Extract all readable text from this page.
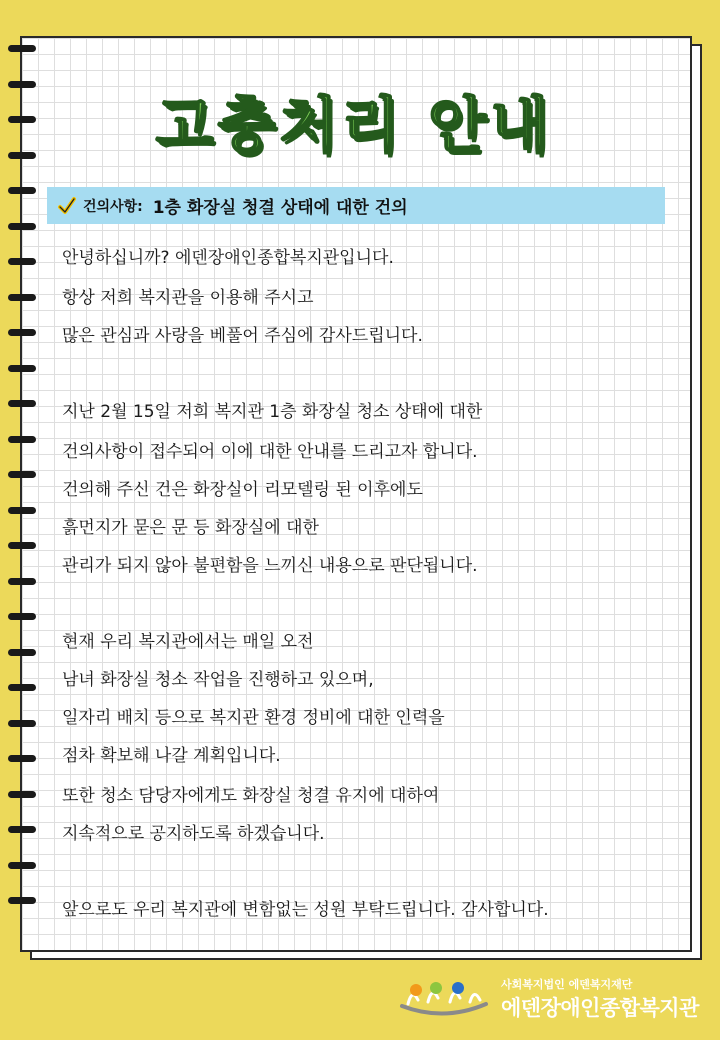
고충처리 안내
건의사항: 1층 화장실 청결 상태에 대한 건의

안녕하십니까? 에덴장애인종합복지관입니다.

항상 저희 복지관을 이용해 주시고

많은 관심과 사랑을 베풀어 주심에 감사드립니다.

지난 2월 15일 저희 복지관 1층 화장실 청소 상태에 대한

건의사항이 접수되어 이에 대한 안내를 드리고자 합니다.

건의해 주신 건은 화장실이 리모델링 된 이후에도

흙먼지가 묻은 문 등 화장실에 대한

관리가 되지 않아 불편함을 느끼신 내용으로 판단됩니다.

현재 우리 복지관에서는 매일 오전

남녀 화장실 청소 작업을 진행하고 있으며,

일자리 배치 등으로 복지관 환경 정비에 대한 인력을

점차 확보해 나갈 계획입니다.

또한 청소 담당자에게도 화장실 청결 유지에 대하여

지속적으로 공지하도록 하겠습니다.

앞으로도 우리 복지관에 변함없는 성원 부탁드립니다. 감사합니다.

사회복지법인 에덴복지재단
에덴장애인종합복지관
